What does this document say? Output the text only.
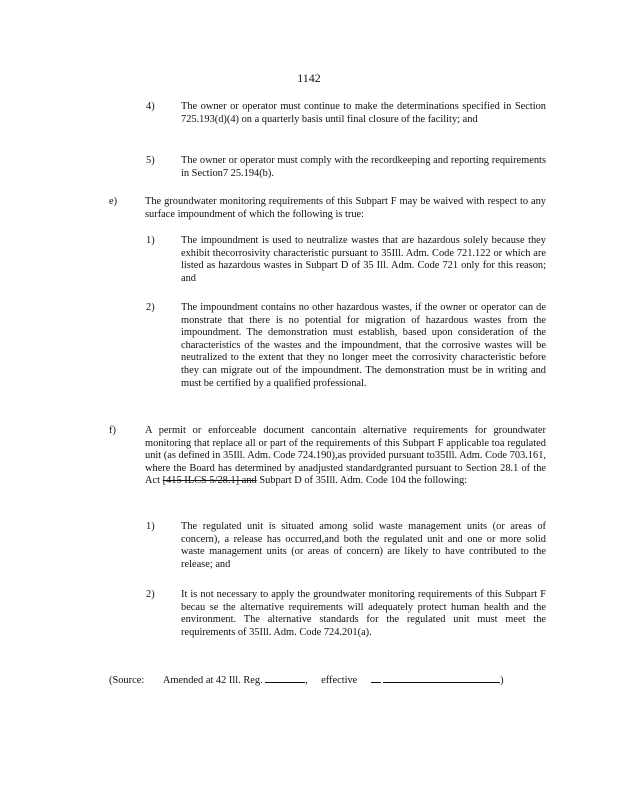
1142
4)	The owner or operator must continue to make the determinations specified in Section 725.193(d)(4) on a quarterly basis until final closure of the facility; and
5)	The owner or operator must comply with the recordkeeping and reporting requirements in Section7 25.194(b).
e)	The groundwater monitoring requirements of this Subpart F may be waived with respect to any surface impoundment of which the following is true:
1)	The impoundment is used to neutralize wastes that are hazardous solely because they exhibit thecorrosivity characteristic pursuant to 35Ill. Adm. Code 721.122 or which are listed as hazardous wastes in Subpart D of 35 Ill. Adm. Code 721 only for this reason; and
2)	The impoundment contains no other hazardous wastes, if the owner or operator can de monstrate that there is no potential for migration of hazardous wastes from the impoundment. The demonstration must establish, based upon consideration of the characteristics of the wastes and the impoundment, that the corrosive wastes will be neutralized to the extent that they no longer meet the corrosivity characteristic before they can migrate out of the impoundment. The demonstration must be in writing and must be certified by a qualified professional.
f)	A permit or enforceable document cancontain alternative requirements for groundwater monitoring that replace all or part of the requirements of this Subpart F applicable toa regulated unit (as defined in 35Ill. Adm. Code 724.190),as provided pursuant to35Ill. Adm. Code 703.161, where the Board has determined by anadjusted standardgranted pursuant to Section 28.1 of the Act [415 ILCS 5/28.1] and Subpart D of 35Ill. Adm. Code 104 the following:
1)	The regulated unit is situated among solid waste management units (or areas of concern), a release has occurred,and both the regulated unit and one or more solid waste management units (or areas of concern) are likely to have contributed to the release; and
2)	It is not necessary to apply the groundwater monitoring requirements of this Subpart F becau se the alternative requirements will adequately protect human health and the environment. The alternative standards for the regulated unit must meet the requirements of 35Ill. Adm. Code 724.201(a).
(Source: Amended at 42 Ill. Reg.	, effective	)
